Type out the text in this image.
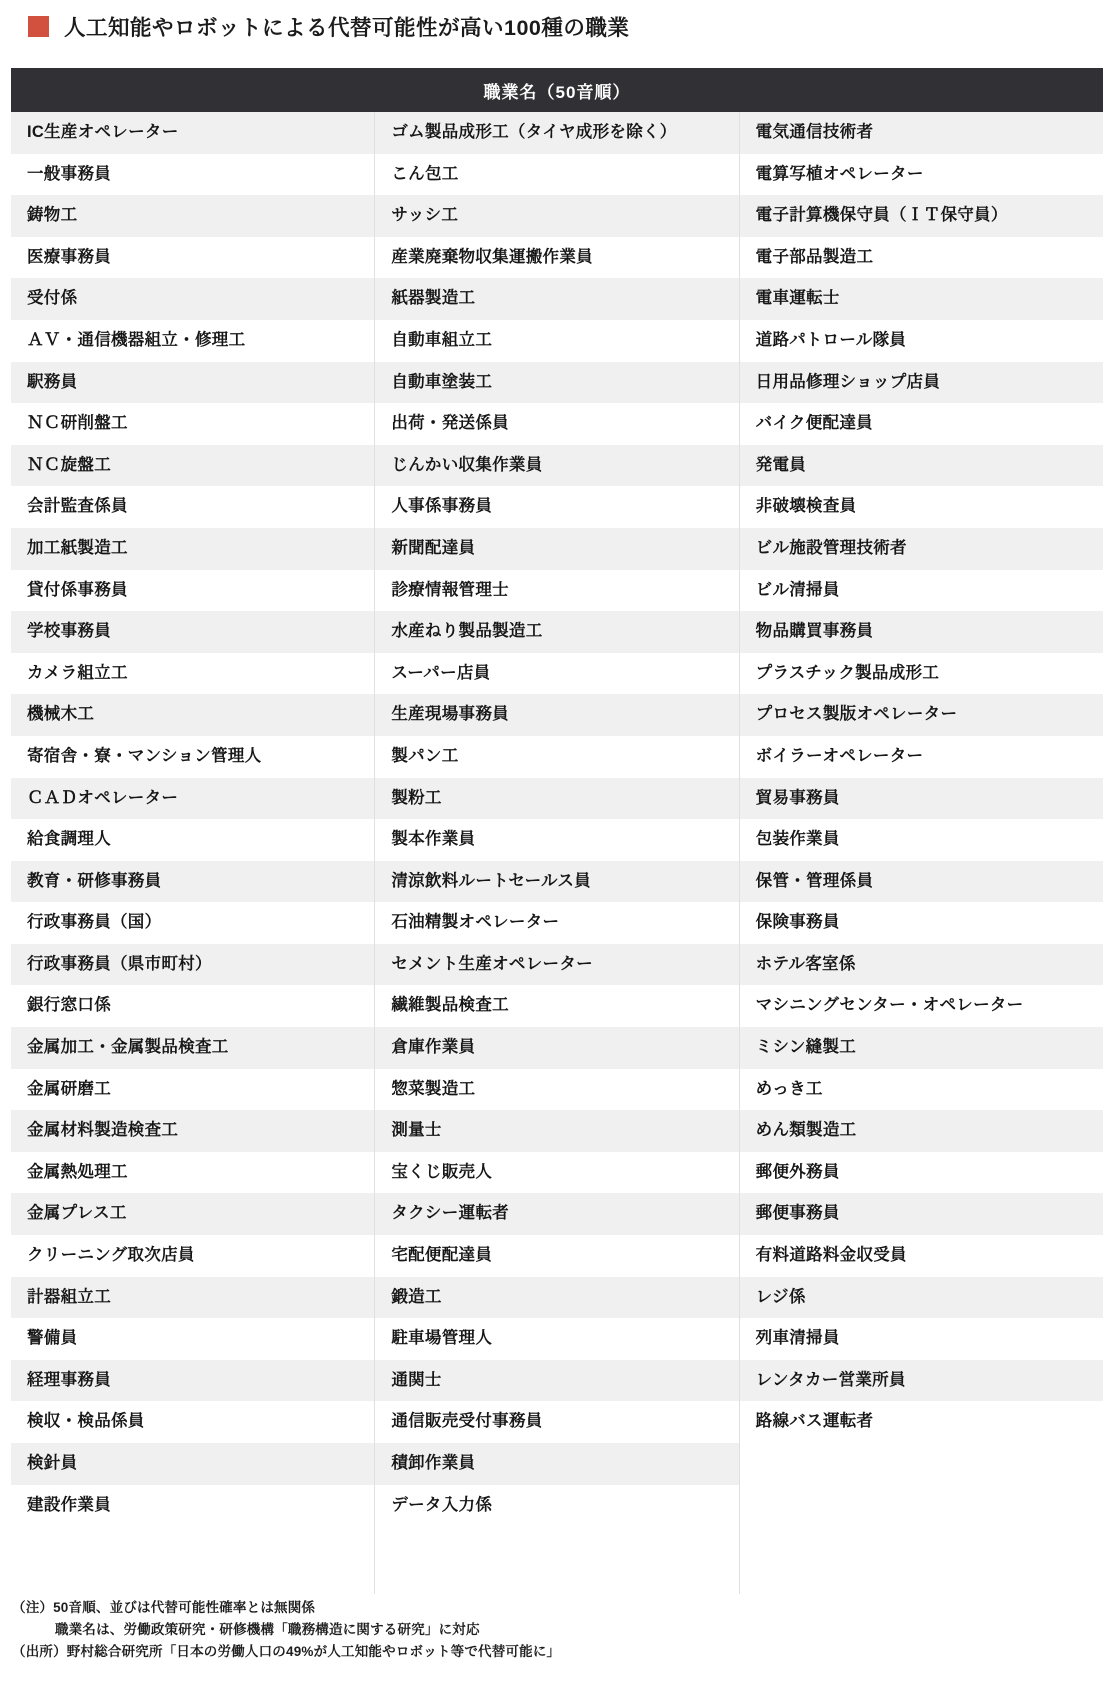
人工知能やロボットによる代替可能性が高い100種の職業
職業名（50音順）
IC生産オペレーター
一般事務員
鋳物工
医療事務員
受付係
ＡＶ・通信機器組立・修理工
駅務員
ＮＣ研削盤工
ＮＣ旋盤工
会計監査係員
加工紙製造工
貸付係事務員
学校事務員
カメラ組立工
機械木工
寄宿舎・寮・マンション管理人
ＣＡＤオペレーター
給食調理人
教育・研修事務員
行政事務員（国）
行政事務員（県市町村）
銀行窓口係
金属加工・金属製品検査工
金属研磨工
金属材料製造検査工
金属熱処理工
金属プレス工
クリーニング取次店員
計器組立工
警備員
経理事務員
検収・検品係員
検針員
建設作業員
ゴム製品成形工（タイヤ成形を除く）
こん包工
サッシ工
産業廃棄物収集運搬作業員
紙器製造工
自動車組立工
自動車塗装工
出荷・発送係員
じんかい収集作業員
人事係事務員
新聞配達員
診療情報管理士
水産ねり製品製造工
スーパー店員
生産現場事務員
製パン工
製粉工
製本作業員
清涼飲料ルートセールス員
石油精製オペレーター
セメント生産オペレーター
繊維製品検査工
倉庫作業員
惣菜製造工
測量士
宝くじ販売人
タクシー運転者
宅配便配達員
鍛造工
駐車場管理人
通関士
通信販売受付事務員
積卸作業員
データ入力係
電気通信技術者
電算写植オペレーター
電子計算機保守員（ＩＴ保守員）
電子部品製造工
電車運転士
道路パトロール隊員
日用品修理ショップ店員
バイク便配達員
発電員
非破壊検査員
ビル施設管理技術者
ビル清掃員
物品購買事務員
プラスチック製品成形工
プロセス製版オペレーター
ボイラーオペレーター
貿易事務員
包装作業員
保管・管理係員
保険事務員
ホテル客室係
マシニングセンター・オペレーター
ミシン縫製工
めっき工
めん類製造工
郵便外務員
郵便事務員
有料道路料金収受員
レジ係
列車清掃員
レンタカー営業所員
路線バス運転者
（注）50音順、並びは代替可能性確率とは無関係
職業名は、労働政策研究・研修機構「職務構造に関する研究」に対応
（出所）野村総合研究所「日本の労働人口の49%が人工知能やロボット等で代替可能に」
